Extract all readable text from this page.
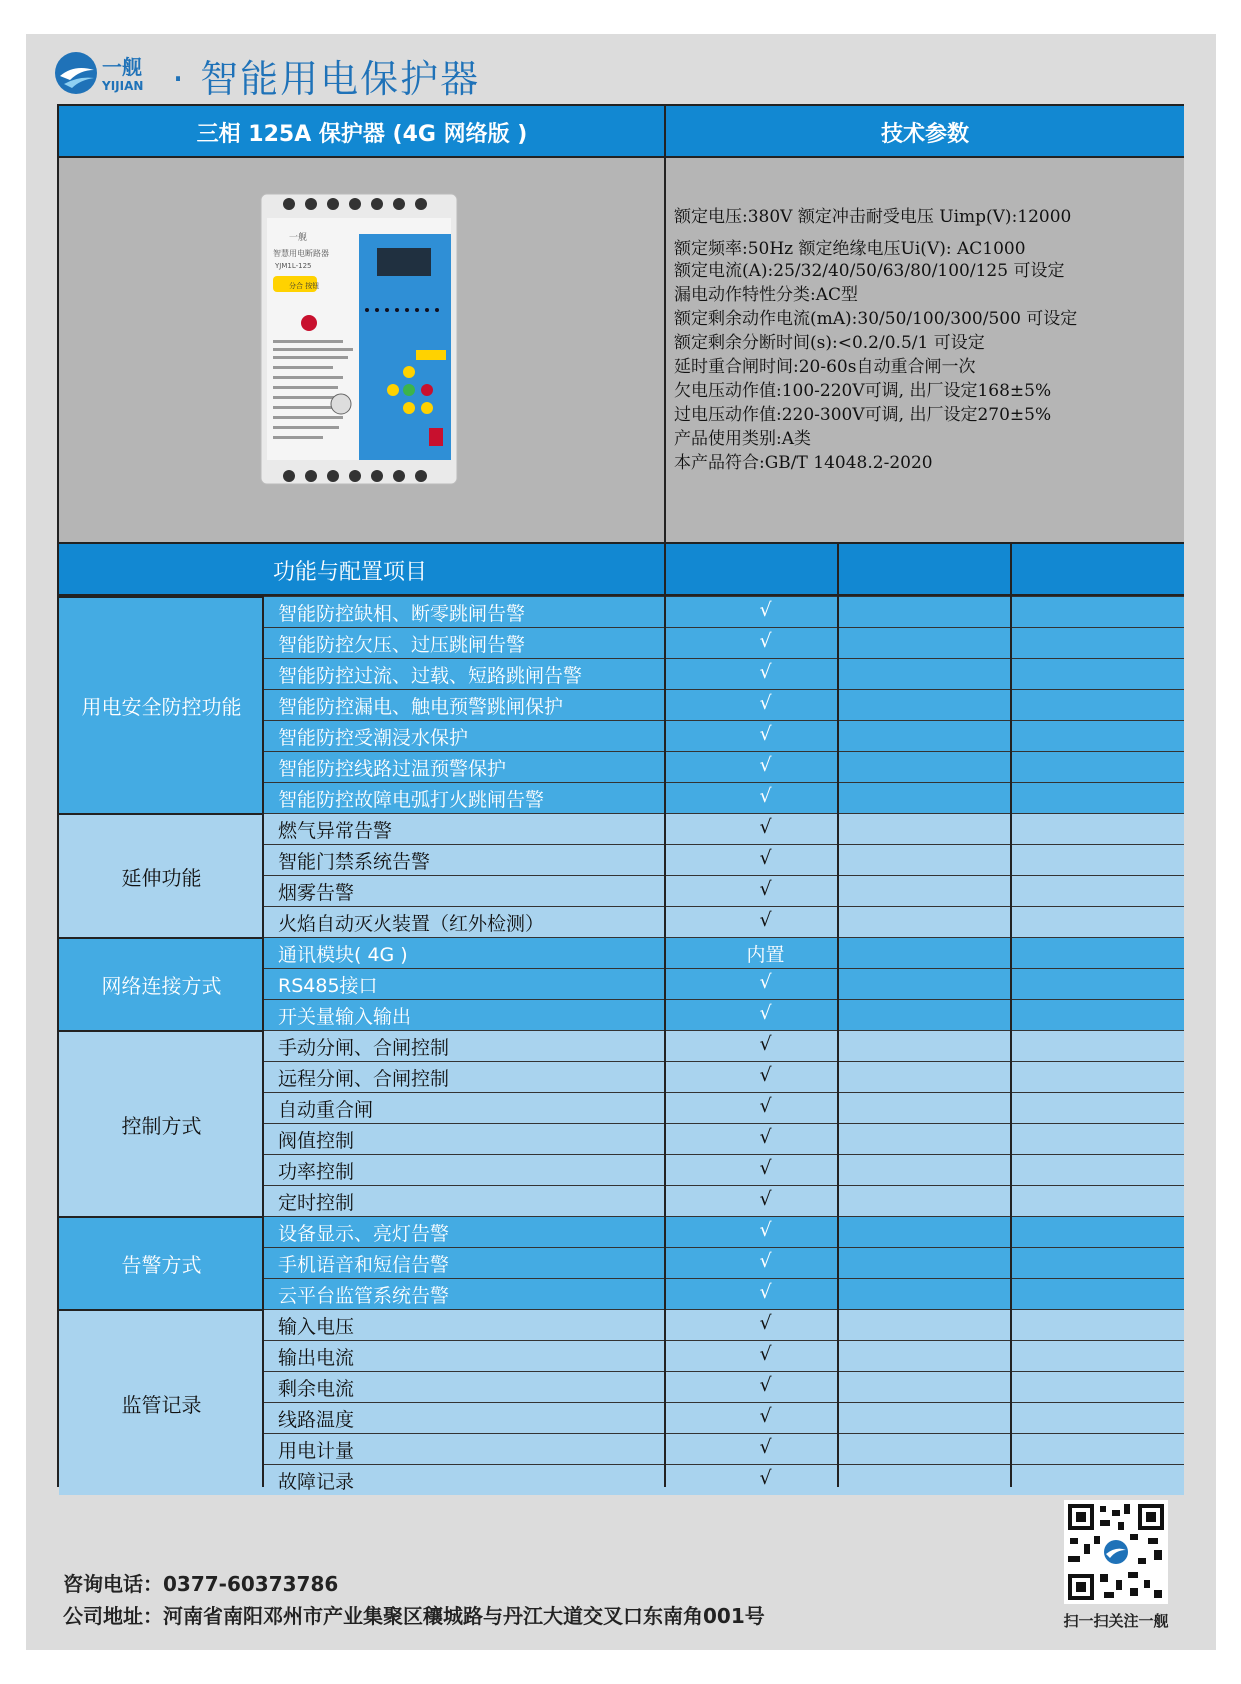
一舰
YIJIAN · 智能用电保护器
三相 125A 保护器 (4G 网络版 )	技术参数
一舰
智慧用电断路器
YJM1L-125
分合 按钮
额定电压:380V 额定冲击耐受电压 Uimp(V):12000
额定频率:50Hz 额定绝缘电压Ui(V): AC1000
额定电流(A):25/32/40/50/63/80/100/125 可设定
漏电动作特性分类:AC型
额定剩余动作电流(mA):30/50/100/300/500 可设定
额定剩余分断时间(s):<0.2/0.5/1 可设定
延时重合闸时间:20-60s自动重合闸一次
欠电压动作值:100-220V可调, 出厂设定168±5%
过电压动作值:220-300V可调, 出厂设定270±5%
产品使用类别:A类
本产品符合:GB/T 14048.2-2020
功能与配置项目
智能防控缺相、断零跳闸告警	√
智能防控欠压、过压跳闸告警	√
智能防控过流、过载、短路跳闸告警	√
智能防控漏电、触电预警跳闸保护	√
智能防控受潮浸水保护	√
智能防控线路过温预警保护	√
智能防控故障电弧打火跳闸告警	√
用电安全防控功能
燃气异常告警	√
智能门禁系统告警	√
烟雾告警	√
火焰自动灭火装置（红外检测）	√
延伸功能
通讯模块( 4G )	内置
RS485接口	√
开关量输入输出	√
网络连接方式
手动分闸、合闸控制	√
远程分闸、合闸控制	√
自动重合闸	√
阀值控制	√
功率控制	√
定时控制	√
控制方式
设备显示、亮灯告警	√
手机语音和短信告警	√
云平台监管系统告警	√
告警方式
输入电压	√
输出电流	√
剩余电流	√
线路温度	√
用电计量	√
故障记录	√
监管记录
咨询电话：0377-60373786
公司地址：河南省南阳邓州市产业集聚区穰城路与丹江大道交叉口东南角001号	扫一扫关注一舰
